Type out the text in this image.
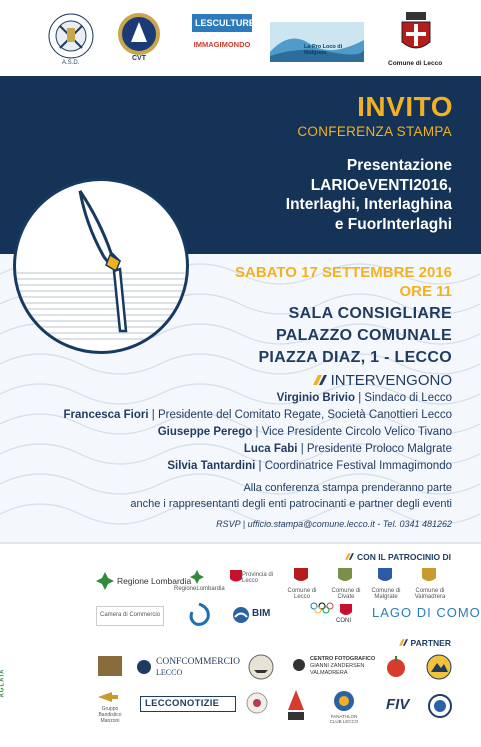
A.S.D.
CVT
LESCULTURES
IMMAGIMONDO	La Pro Loco di Malgrate
Comune di Lecco
INVITO
CONFERENZA STAMPA
Presentazione
LARIOeVENTI2016,
Interlaghi, Interlaghina
e FuorInterlaghi
SABATO 17 SETTEMBRE 2016
ORE 11
SALA CONSIGLIARE
PALAZZO COMUNALE
PIAZZA DIAZ, 1 - LECCO
INTERVENGONO
Virginio Brivio | Sindaco di Lecco
Francesca Fiori | Presidente del Comitato Regate, Società Canottieri Lecco
Giuseppe Perego | Vice Presidente Circolo Velico Tivano
Luca Fabi | Presidente Proloco Malgrate
Silvia Tantardini | Coordinatrice Festival Immagimondo
Alla conferenza stampa prenderanno parte
anche i rappresentanti degli enti patrocinanti e partner degli eventi
RSVP | ufficio.stampa@comune.lecco.it - Tel. 0341 481262
CON IL PATROCINIO DI
Regione Lombardia
RegioneLombardia
Provincia di Lecco
Comune di Lecco
Comune di Civate
Comune di Malgrate
Comune di Valmadrera
Camera di Commercio	BIM
CONI
LAGO DI COMO
PARTNER
CONFCOMMERCIO
LECCO
CENTRO FOTOGRAFICO
GIANNI ZANDERSEN
VALMADRERA
Gruppo Bandistico Manzoni
LECCONOTIZIE
PANATHLON CLUB LECCO
FIV
AGLAIA
